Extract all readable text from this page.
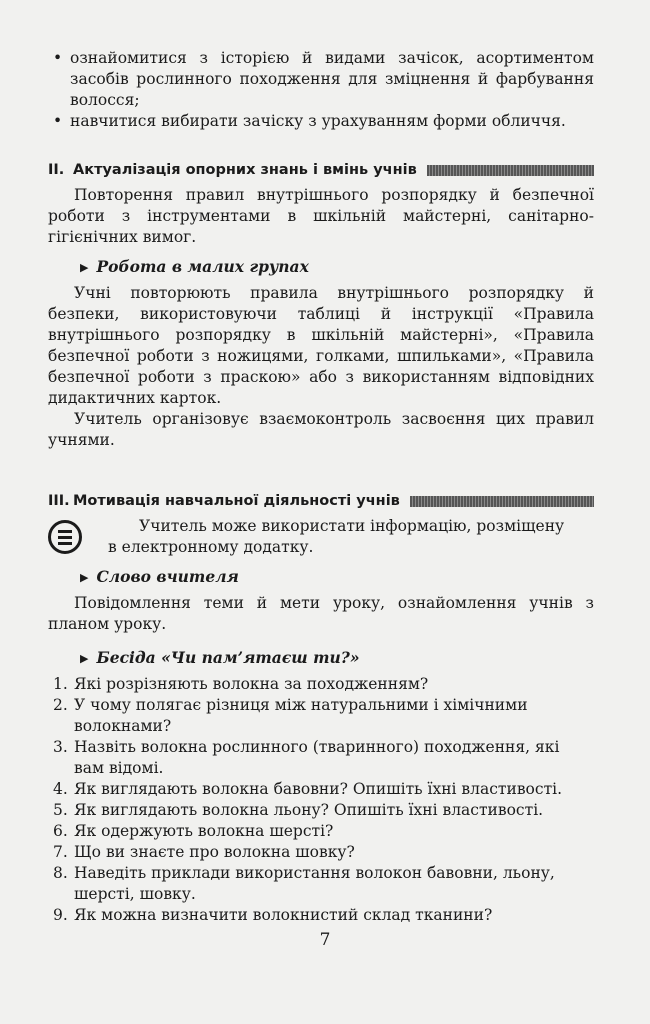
• ознайомитися з історією й видами зачісок, асортиментом засобів рослинного походження для зміцнення й фарбування волосся;

• навчитися вибирати зачіску з урахуванням форми обличчя.

II. Актуалізація опорних знань і вмінь учнів

Повторення правил внутрішнього розпорядку й безпечної роботи з інструментами в шкільній майстерні, санітарно-гігієнічних вимог.

▶ Робота в малих групах

Учні повторюють правила внутрішнього розпорядку й безпеки, використовуючи таблиці й інструкції «Правила внутрішнього розпорядку в шкільній майстерні», «Правила безпечної роботи з ножицями, голками, шпильками», «Правила безпечної роботи з праскою» або з використанням відповідних дидактичних карток.

Учитель організовує взаємоконтроль засвоєння цих правил учнями.

III. Мотивація навчальної діяльності учнів
Учитель може використати інформацію, розміщену
в електронному додатку.
▶ Слово вчителя

Повідомлення теми й мети уроку, ознайомлення учнів з планом уроку.

▶ Бесіда «Чи пам’ятаєш ти?»
1. Які розрізняють волокна за походженням?
2. У чому полягає різниця між натуральними і хімічними волокнами?
3. Назвіть волокна рослинного (тваринного) походження, які вам відомі.
4. Як виглядають волокна бавовни? Опишіть їхні властивості.
5. Як виглядають волокна льону? Опишіть їхні властивості.
6. Як одержують волокна шерсті?
7. Що ви знаєте про волокна шовку?
8. Наведіть приклади використання волокон бавовни, льону, шерсті, шовку.
9. Як можна визначити волокнистий склад тканини?
7
